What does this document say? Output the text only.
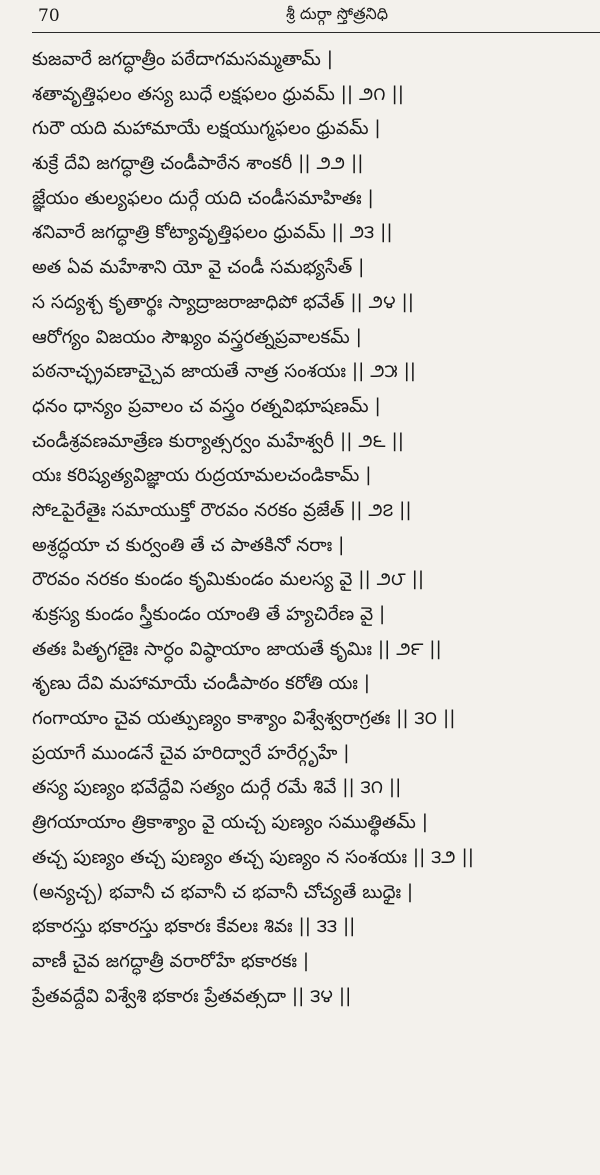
70	శ్రీ దుర్గా స్తోత్రనిధి
కుజవారే జగద్ధాత్రీం పఠేదాగమసమ్మతామ్ |
శతావృత్తిఫలం తస్య బుధే లక్షఫలం ధ్రువమ్ || ౨౧ ||
గురౌ యది మహామాయే లక్షయుగ్మఫలం ధ్రువమ్ |
శుక్రే దేవి జగద్ధాత్రి చండీపాఠేన శాంకరీ || ౨౨ ||
జ్ఞేయం తుల్యఫలం దుర్గే యది చండీసమాహితః |
శనివారే జగద్ధాత్రి కోట్యావృత్తిఫలం ధ్రువమ్ || ౨౩ ||
అత ఏవ మహేశాని యో వై చండీ సమభ్యసేత్ |
స సద్యశ్చ కృతార్థః స్యాద్రాజరాజాధిపో భవేత్ || ౨౪ ||
ఆరోగ్యం విజయం సౌఖ్యం వస్త్రరత్నప్రవాలకమ్ |
పఠనాచ్ఛ్రవణాచ్చైవ జాయతే నాత్ర సంశయః || ౨౫ ||
ధనం ధాన్యం ప్రవాలం చ వస్త్రం రత్నవిభూషణమ్ |
చండీశ్రవణమాత్రేణ కుర్యాత్సర్వం మహేశ్వరీ || ౨౬ ||
యః కరిష్యత్యవిజ్ఞాయ రుద్రయామలచండికామ్ |
సోఽపైరేతైః సమాయుక్తో రౌరవం నరకం వ్రజేత్ || ౨౭ ||
అశ్రద్ధయా చ కుర్వంతి తే చ పాతకినో నరాః |
రౌరవం నరకం కుండం కృమికుండం మలస్య వై || ౨౮ ||
శుక్రస్య కుండం స్త్రీకుండం యాంతి తే హ్యచిరేణ వై |
తతః పితృగణైః సార్ధం విష్ఠాయాం జాయతే కృమిః || ౨౯ ||
శృణు దేవి మహామాయే చండీపాఠం కరోతి యః |
గంగాయాం చైవ యత్పుణ్యం కాశ్యాం విశ్వేశ్వరాగ్రతః || ౩౦ ||
ప్రయాగే ముండనే చైవ హరిద్వారే హరేర్గృహే |
తస్య పుణ్యం భవేద్దేవి సత్యం దుర్గే రమే శివే || ౩౧ ||
త్రిగయాయాం త్రికాశ్యాం వై యచ్చ పుణ్యం సముత్థితమ్ |
తచ్చ పుణ్యం తచ్చ పుణ్యం తచ్చ పుణ్యం న సంశయః || ౩౨ ||
(అన్యచ్చ) భవానీ చ భవానీ చ భవానీ చోచ్యతే బుధైః |
భకారస్తు భకారస్తు భకారః కేవలః శివః || ౩౩ ||
వాణీ చైవ జగద్ధాత్రీ వరారోహే భకారకః |
ప్రేతవద్దేవి విశ్వేశి భకారః ప్రేతవత్సదా || ౩౪ ||
